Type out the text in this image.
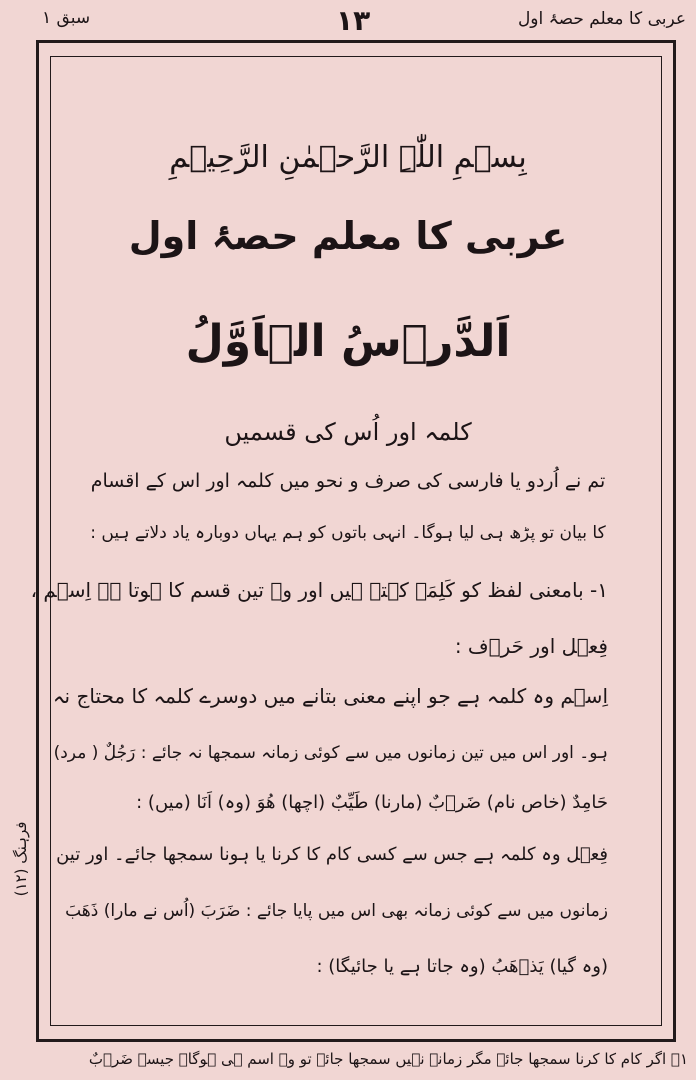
عربی کا معلم حصۂ اول
۱۳
سبق ۱
فرہنگ (۱۲)
بِسۡمِ اللّٰہِ الرَّحۡمٰنِ الرَّحِیۡمِ
عربی کا معلم حصۂ اول
اَلدَّرۡسُ الۡاَوَّلُ
کلمہ اور اُس کی قسمیں
تم نے اُردو یا فارسی کی صرف و نحو میں کلمہ اور اس کے اقسام
کا بیان تو پڑھ ہی لیا ہوگا۔ انہی باتوں کو ہم یہاں دوبارہ یاد دلاتے ہیں :
۱- بامعنی لفظ کو کَلِمَہ کہتے ہیں اور وہ تین قسم کا ہوتا ہے اِسۡم ،
فِعۡل اور حَرۡف :
اِسۡم وہ کلمہ ہے جو اپنے معنی بتانے میں دوسرے کلمہ کا محتاج نہ
ہو۔ اور اس میں تین زمانوں میں سے کوئی زمانہ سمجھا نہ جائے : رَجُلٌ ( مرد)
حَامِدٌ (خاص نام) ضَرۡبٌ (مارنا) طَیِّبٌ (اچھا) ھُوَ (وہ) اَنَا (میں) :
فِعۡل وہ کلمہ ہے جس سے کسی کام کا کرنا یا ہونا سمجھا جائے۔ اور تین
زمانوں میں سے کوئی زمانہ بھی اس میں پایا جائے : ضَرَبَ (اُس نے مارا) ذَھَبَ
(وہ گیا) یَذۡھَبُ (وہ جاتا ہے یا جائیگا) :
۱ے اگر کام کا کرنا سمجھا جائے مگر زمانہ نہیں سمجھا جائے تو وہ اسم ہی ہوگا۔ جیسے ضَرۡبٌ
